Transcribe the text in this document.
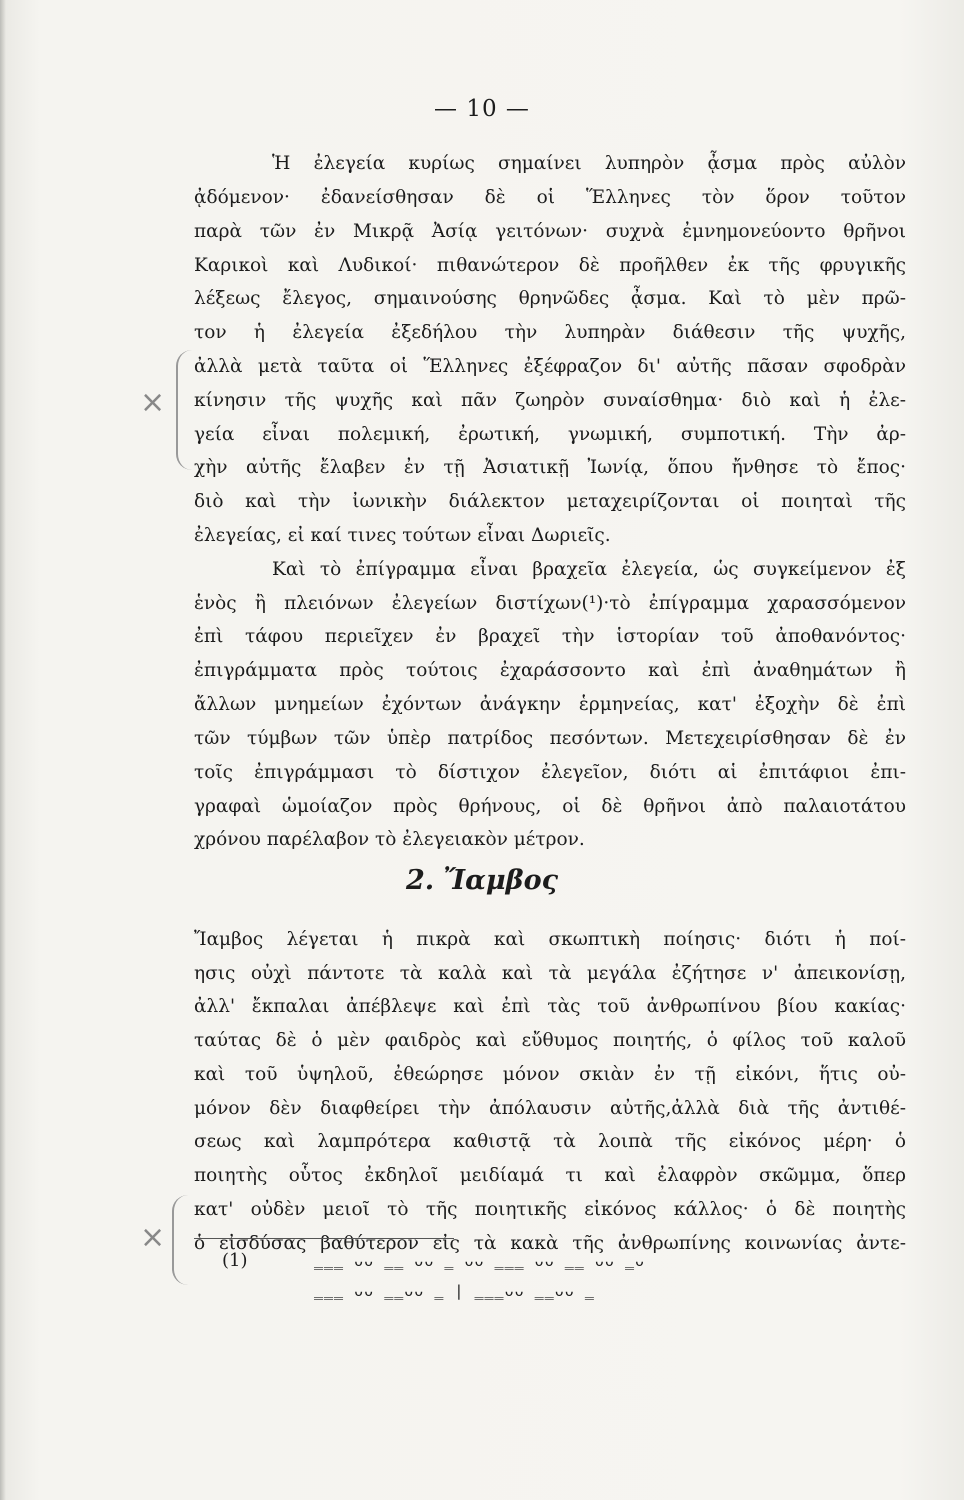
— 10 —
Ἡ ἐλεγεία κυρίως σημαίνει λυπηρὸν ᾆσμα πρὸς αὐλὸν
ᾀδόμενον· ἐδανείσθησαν δὲ οἱ Ἕλληνες τὸν ὅρον τοῦτον
παρὰ τῶν ἐν Μικρᾷ Ἀσίᾳ γειτόνων· συχνὰ ἐμνημονεύοντο θρῆνοι
Καρικοὶ καὶ Λυδικοί· πιθανώτερον δὲ προῆλθεν ἐκ τῆς φρυγικῆς
λέξεως ἔλεγος, σημαινούσης θρηνῶδες ᾆσμα. Καὶ τὸ μὲν πρῶ-
τον ἡ ἐλεγεία ἐξεδήλου τὴν λυπηρὰν διάθεσιν τῆς ψυχῆς,
ἀλλὰ μετὰ ταῦτα οἱ Ἕλληνες ἐξέφραζον δι' αὐτῆς πᾶσαν σφοδρὰν
κίνησιν τῆς ψυχῆς καὶ πᾶν ζωηρὸν συναίσθημα· διὸ καὶ ἡ ἐλε-
γεία εἶναι πολεμική, ἐρωτική, γνωμική, συμποτική. Τὴν ἀρ-
χὴν αὐτῆς ἔλαβεν ἐν τῇ Ἀσιατικῇ Ἰωνίᾳ, ὅπου ἤνθησε τὸ ἔπος·
διὸ καὶ τὴν ἰωνικὴν διάλεκτον μεταχειρίζονται οἱ ποιηταὶ τῆς
ἐλεγείας, εἰ καί τινες τούτων εἶναι Δωριεῖς.
Καὶ τὸ ἐπίγραμμα εἶναι βραχεῖα ἐλεγεία, ὡς συγκείμενον ἐξ
ἑνὸς ἢ πλειόνων ἐλεγείων διστίχων(¹)·τὸ ἐπίγραμμα χαρασσόμενον
ἐπὶ τάφου περιεῖχεν ἐν βραχεῖ τὴν ἱστορίαν τοῦ ἀποθανόντος·
ἐπιγράμματα πρὸς τούτοις ἐχαράσσοντο καὶ ἐπὶ ἀναθημάτων ἢ
ἄλλων μνημείων ἐχόντων ἀνάγκην ἑρμηνείας, κατ' ἐξοχὴν δὲ ἐπὶ
τῶν τύμβων τῶν ὑπὲρ πατρίδος πεσόντων. Μετεχειρίσθησαν δὲ ἐν
τοῖς ἐπιγράμμασι τὸ δίστιχον ἐλεγεῖον, διότι αἱ ἐπιτάφιοι ἐπι-
γραφαὶ ὡμοίαζον πρὸς θρήνους, οἱ δὲ θρῆνοι ἀπὸ παλαιοτάτου
χρόνου παρέλαβον τὸ ἐλεγειακὸν μέτρον.
2. Ἴαμβος
Ἴαμβος λέγεται ἡ πικρὰ καὶ σκωπτικὴ ποίησις· διότι ἡ ποί-
ησις οὐχὶ πάντοτε τὰ καλὰ καὶ τὰ μεγάλα ἐζήτησε ν' ἀπεικονίσῃ,
ἀλλ' ἔκπαλαι ἀπέβλεψε καὶ ἐπὶ τὰς τοῦ ἀνθρωπίνου βίου κακίας·
ταύτας δὲ ὁ μὲν φαιδρὸς καὶ εὔθυμος ποιητής, ὁ φίλος τοῦ καλοῦ
καὶ τοῦ ὑψηλοῦ, ἐθεώρησε μόνον σκιὰν ἐν τῇ εἰκόνι, ἥτις οὐ-
μόνον δὲν διαφθείρει τὴν ἀπόλαυσιν αὐτῆς,ἀλλὰ διὰ τῆς ἀντιθέ-
σεως καὶ λαμπρότερα καθιστᾷ τὰ λοιπὰ τῆς εἰκόνος μέρη· ὁ
ποιητὴς οὗτος ἐκδηλοῖ μειδίαμά τι καὶ ἐλαφρὸν σκῶμμα, ὅπερ
κατ' οὐδὲν μειοῖ τὸ τῆς ποιητικῆς εἰκόνος κάλλος· ὁ δὲ ποιητὴς
ὁ εἰσδύσας βαθύτερον εἰς τὰ κακὰ τῆς ἀνθρωπίνης κοινωνίας ἀντε-
(1)	‗‗‗ ᴗᴗ ‗‗ ᴗᴗ ‗ ᴗᴗ ‗‗‗ ᴗᴗ ‗‗ ᴗᴗ ‗ᴗ
‗‗‗ ᴗᴗ ‗‗ᴗᴗ ‗ | ‗‗‗ᴗᴗ ‗‗ᴗᴗ ‗
×
×
